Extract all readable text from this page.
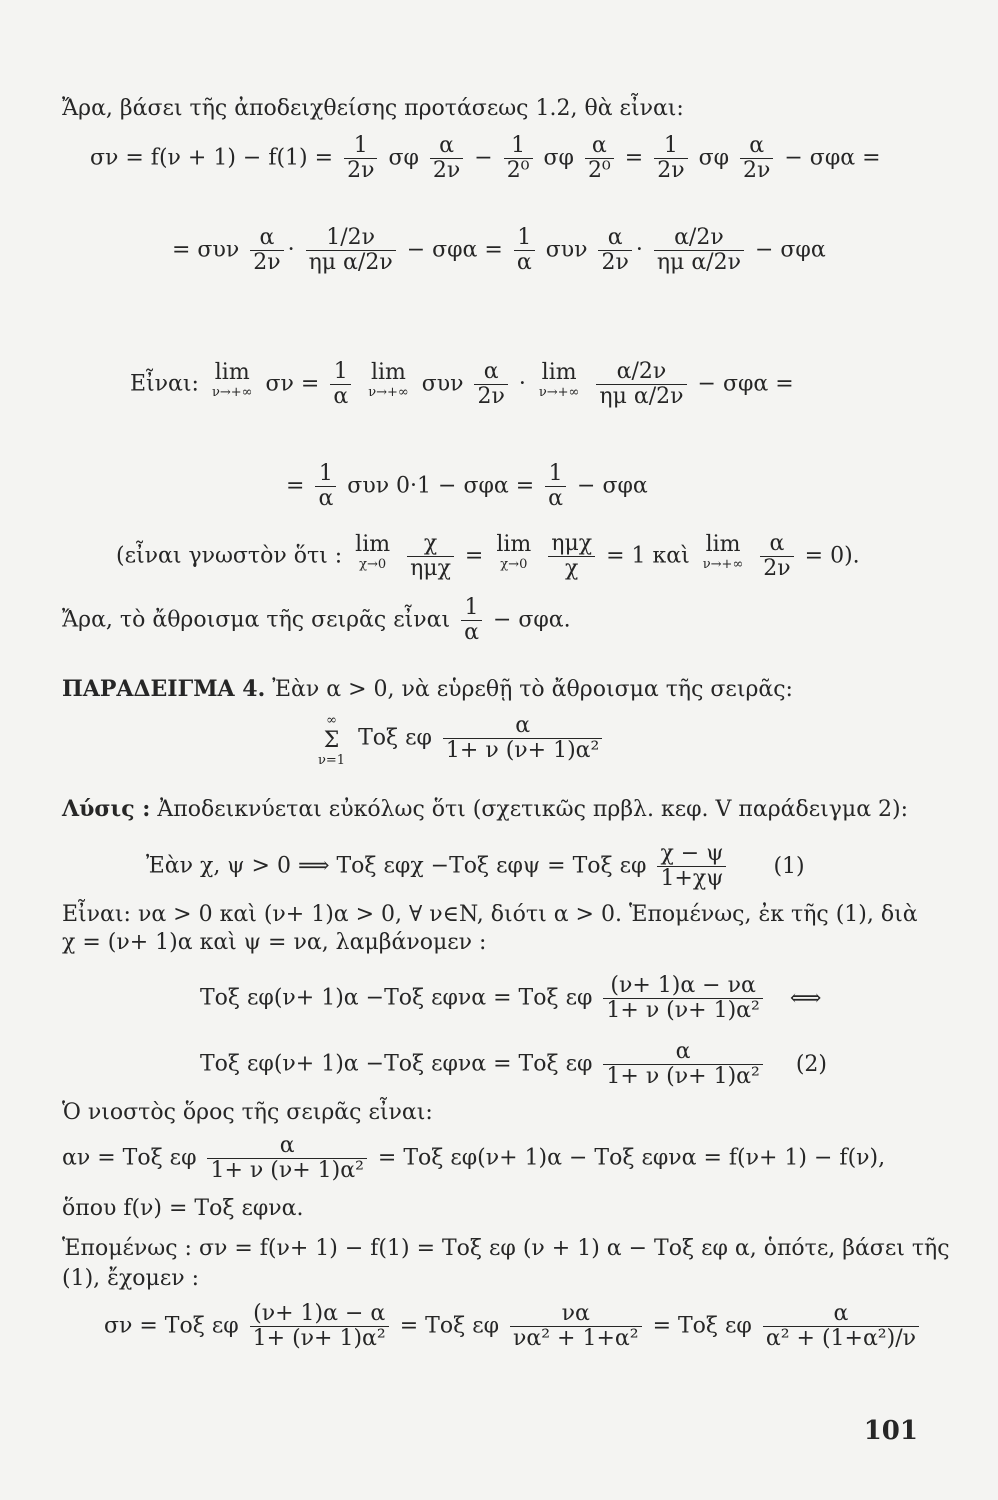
Ἄρα, βάσει τῆς ἀποδειχθείσης προτάσεως 1.2, θὰ εἶναι:
$\sigma\nu = f(\nu + 1) - f(1) = \frac{1}{2\nu}$ σφ $\frac{\alpha}{2\nu} - \frac{1}{\text{2⁰}}$ σφ $\frac{\alpha}{\text{2⁰}} = \frac{1}{2\nu}$ σφ $\frac{\alpha}{2\nu} - \sigma\varphi\alpha$ =
= συν $\frac{\alpha}{2\nu} \cdot \frac{1/2\nu}{\text{ημ α/2ν}} - \sigma\varphi\alpha = \frac{1}{\alpha}$ συν $\frac{\alpha}{2\nu} \cdot \frac{\alpha/2\nu}{\text{ημ α/2ν}} - \sigma\varphi\alpha$
Εἶναι: lim
ν→+∞ $\sigma\nu = \frac{1}{\alpha}$ lim
ν→+∞ συν $\frac{\alpha}{2\nu} \cdot \lim$
ν→+∞
$\frac{\alpha/2\nu}{\text{ημ α/2ν}} - \sigma\varphi\alpha$ =
= $\frac{1}{\alpha}$ συν $0\cdot 1 - \sigma\varphi\alpha = \frac{1}{\alpha} - \sigma\varphi\alpha$
(εἶναι γνωστὸν ὅτι : lim
χ→0
$\frac{\chi}{\text{ημχ}} = \lim$
χ→0
$\frac{\text{ημχ}}{\chi} = 1$ καὶ lim
ν→+∞
$\frac{\alpha}{2\nu} = 0$).
Ἄρα, τὸ ἄθροισμα τῆς σειρᾶς εἶναι $\frac{1}{\alpha} - \sigma\varphi\alpha$.
ΠΑΡΑΔΕΙΓΜΑ 4. Ἐὰν α > 0, νὰ εὑρεθῇ τὸ ἄθροισμα τῆς σειρᾶς:
∞
Σ
ν=1
Τοξ εφ $\frac{\alpha}{\text{1+ ν (ν+ 1)α²}}$
Λύσις : Ἀποδεικνύεται εὐκόλως ὅτι (σχετικῶς πρβλ. κεφ. V παράδειγμα 2):
Ἐὰν χ, ψ > 0 ⟹ Τοξ εφχ −Τοξ εφψ = Τοξ εφ $\frac{\chi - \psi}{1+\chi\psi} (1)$
Εἶναι: να > 0 καὶ (ν+ 1)α > 0, ∀ ν∈N, διότι α > 0. Ἑπομένως, ἐκ τῆς (1), διὰ
χ = (ν+ 1)α καὶ ψ = να, λαμβάνομεν :
Τοξ εφ(ν+ 1)α −Τοξ εφνα = Τοξ εφ $\frac{(\nu+ 1)\alpha - \nu\alpha}{\text{1+ ν (ν+ 1)α²}}$ ⟺
Τοξ εφ(ν+ 1)α −Τοξ εφνα = Τοξ εφ $\frac{\alpha}{\text{1+ ν (ν+ 1)α²}} (2)$
Ὁ νιοστὸς ὅρος τῆς σειρᾶς εἶναι:
αν = Τοξ εφ $\frac{\alpha}{\text{1+ ν (ν+ 1)α²}} = To\xi$ εφ(ν+ 1)α − Τοξ εφνα = f(ν+ 1) − f(ν),
ὅπου f(ν) = Τοξ εφνα.
Ἑπομένως : σν = f(ν+ 1) − f(1) = Τοξ εφ (ν + 1) α − Τοξ εφ α, ὁπότε, βάσει τῆς
(1), ἔχομεν :
σν = Τοξ εφ $\frac{(\nu+ 1)\alpha - \alpha}{\text{1+ (ν+ 1)α²}} = To\xi$ εφ $\frac{\nu\alpha}{\text{να² + 1+α²}} = To\xi$ εφ $\frac{\alpha}{\text{α² + (1+α²)/ν}}$
101
